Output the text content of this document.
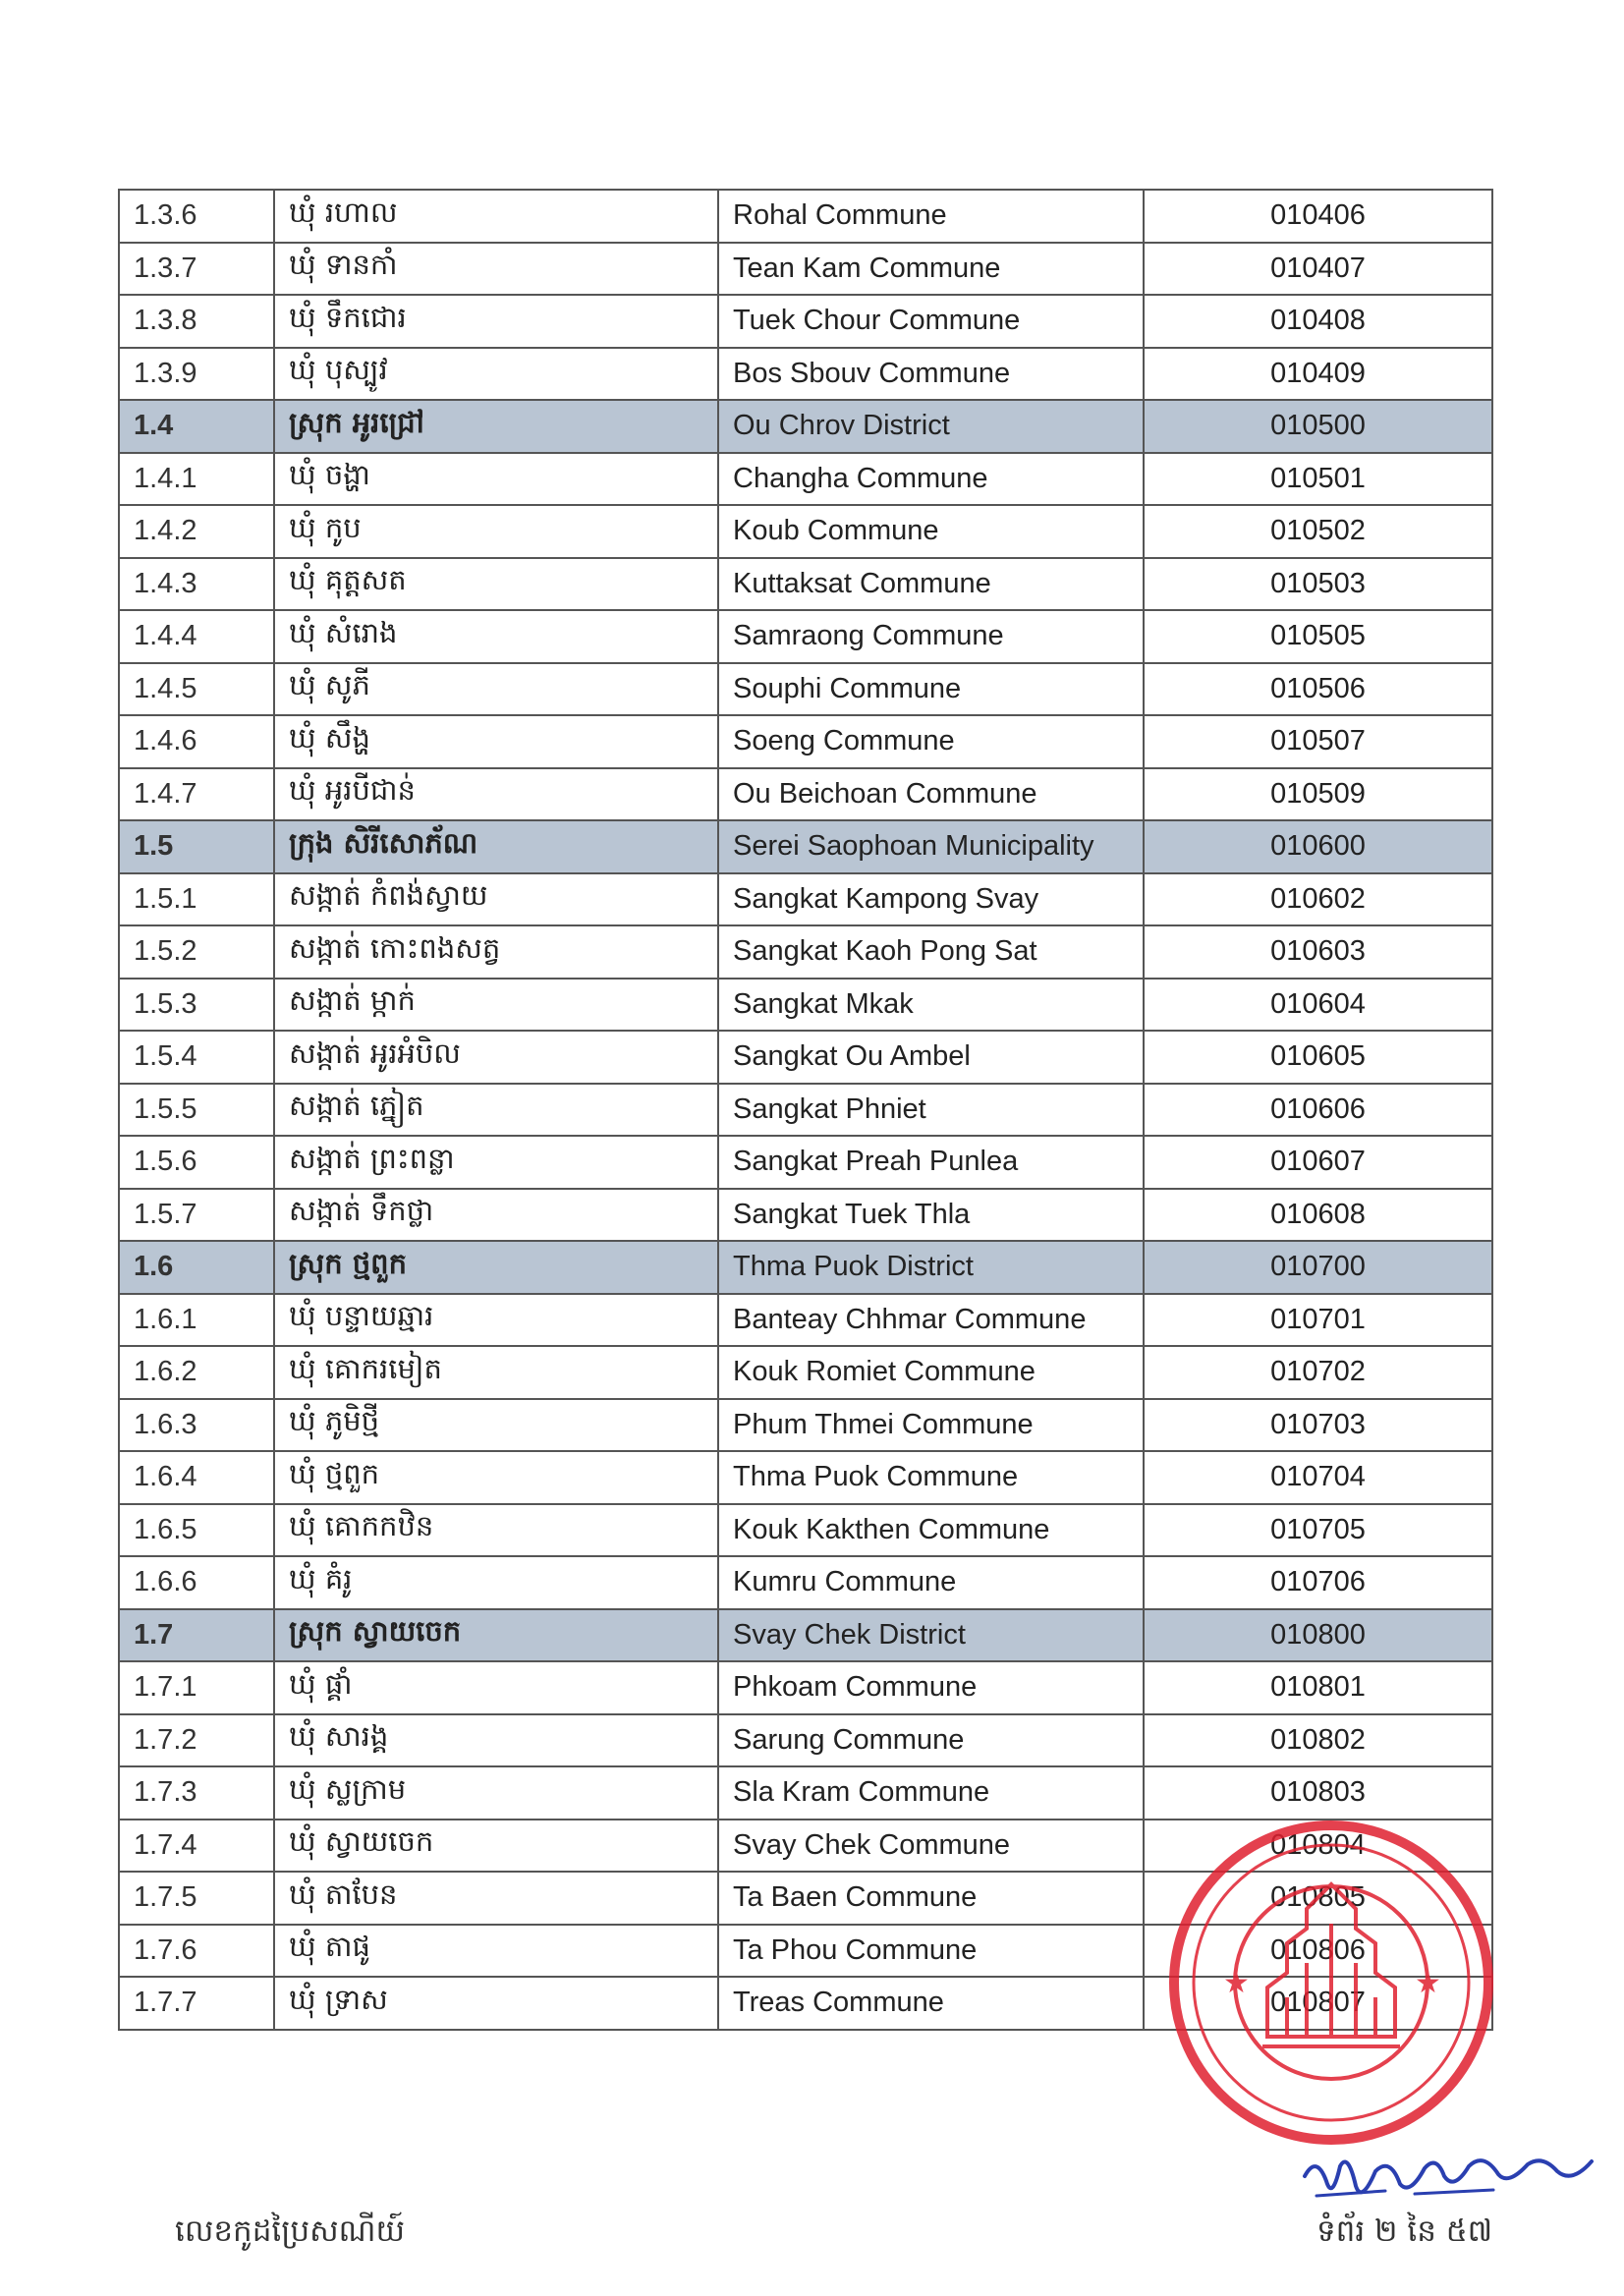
1.3.6	ឃុំ រហាល	Rohal Commune	010406
1.3.7	ឃុំ ទានកាំ	Tean Kam Commune	010407
1.3.8	ឃុំ ទឹកជោរ	Tuek Chour Commune	010408
1.3.9	ឃុំ បុស្បូវ	Bos Sbouv Commune	010409
1.4	ស្រុក អូរជ្រៅ	Ou Chrov District	010500
1.4.1	ឃុំ ចង្ហា	Changha Commune	010501
1.4.2	ឃុំ កូប	Koub Commune	010502
1.4.3	ឃុំ គុត្តសត	Kuttaksat Commune	010503
1.4.4	ឃុំ សំរោង	Samraong Commune	010505
1.4.5	ឃុំ សូភី	Souphi Commune	010506
1.4.6	ឃុំ សឹង្ហ	Soeng Commune	010507
1.4.7	ឃុំ អូរបីជាន់	Ou Beichoan Commune	010509
1.5	ក្រុង សិរីសោភ័ណ	Serei Saophoan Municipality	010600
1.5.1	សង្កាត់ កំពង់ស្វាយ	Sangkat Kampong Svay	010602
1.5.2	សង្កាត់ កោះពងសត្វ	Sangkat Kaoh Pong Sat	010603
1.5.3	សង្កាត់ ម្កាក់	Sangkat Mkak	010604
1.5.4	សង្កាត់ អូរអំបិល	Sangkat Ou Ambel	010605
1.5.5	សង្កាត់ ភ្នៀត	Sangkat Phniet	010606
1.5.6	សង្កាត់ ព្រះពន្លា	Sangkat Preah Punlea	010607
1.5.7	សង្កាត់ ទឹកថ្លា	Sangkat Tuek Thla	010608
1.6	ស្រុក ថ្មពួក	Thma Puok District	010700
1.6.1	ឃុំ បន្ទាយឆ្មារ	Banteay Chhmar Commune	010701
1.6.2	ឃុំ គោករមៀត	Kouk Romiet Commune	010702
1.6.3	ឃុំ ភូមិថ្មី	Phum Thmei Commune	010703
1.6.4	ឃុំ ថ្មពួក	Thma Puok Commune	010704
1.6.5	ឃុំ គោកកឋិន	Kouk Kakthen Commune	010705
1.6.6	ឃុំ គំរូ	Kumru Commune	010706
1.7	ស្រុក ស្វាយចេក	Svay Chek District	010800
1.7.1	ឃុំ ផ្គាំ	Phkoam Commune	010801
1.7.2	ឃុំ សារង្គ	Sarung Commune	010802
1.7.3	ឃុំ ស្លក្រាម	Sla Kram Commune	010803
1.7.4	ឃុំ ស្វាយចេក	Svay Chek Commune	010804
1.7.5	ឃុំ តាបែន	Ta Baen Commune	010805
1.7.6	ឃុំ តាផូ	Ta Phou Commune	010806
1.7.7	ឃុំ ទ្រាស	Treas Commune	010807
★	★
លេខកូដប្រៃសណីយ៍	ទំព័រ ២ នៃ ៥៧
